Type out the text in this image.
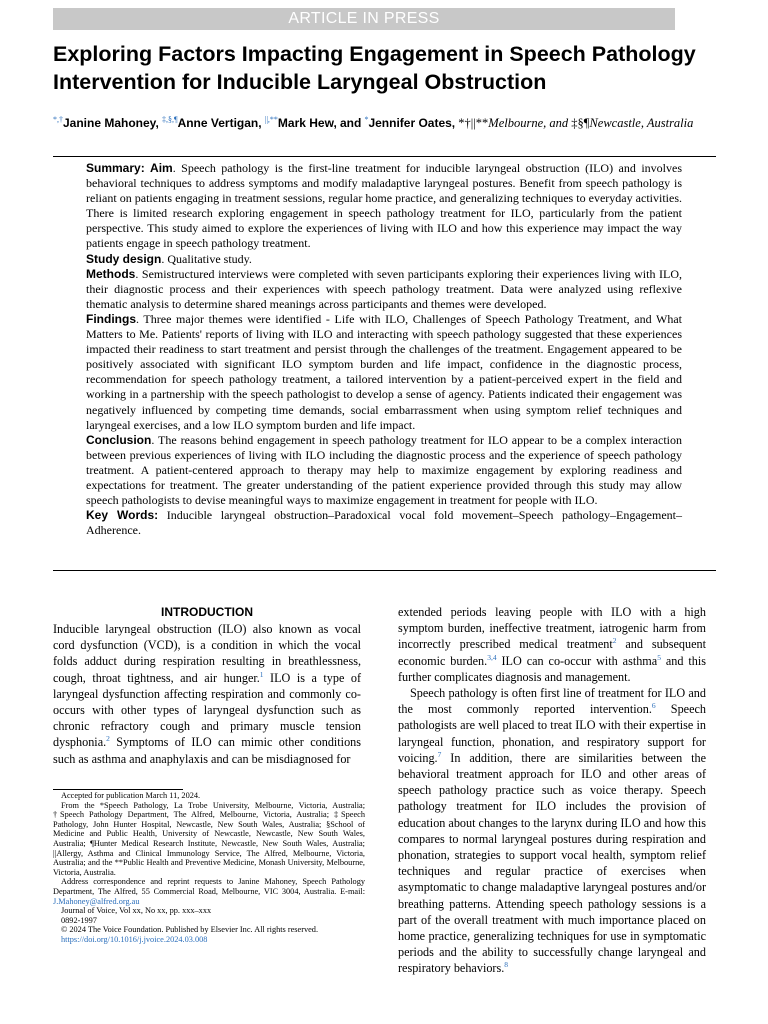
ARTICLE IN PRESS
Exploring Factors Impacting Engagement in Speech Pathology Intervention for Inducible Laryngeal Obstruction
*,†Janine Mahoney, ‡,§,¶Anne Vertigan, ||,**Mark Hew, and *Jennifer Oates, *†||**Melbourne, and ‡§¶Newcastle, Australia

Summary: Aim. Speech pathology is the first-line treatment for inducible laryngeal obstruction (ILO) and involves behavioral techniques to address symptoms and modify maladaptive laryngeal postures. Benefit from speech pathology is reliant on patients engaging in treatment sessions, regular home practice, and generalizing techniques to everyday activities. There is limited research exploring engagement in speech pathology treatment for ILO, particularly from the patient perspective. This study aimed to explore the experiences of living with ILO and how this experience may impact the way patients engage in speech pathology treatment.

Study design. Qualitative study.

Methods. Semistructured interviews were completed with seven participants exploring their experiences living with ILO, their diagnostic process and their experiences with speech pathology treatment. Data were analyzed using reflexive thematic analysis to determine shared meanings across participants and themes were developed.

Findings. Three major themes were identified - Life with ILO, Challenges of Speech Pathology Treatment, and What Matters to Me. Patients' reports of living with ILO and interacting with speech pathology suggested that these experiences impacted their readiness to start treatment and persist through the challenges of the treatment. Engagement appeared to be positively associated with significant ILO symptom burden and life impact, confidence in the diagnostic process, recommendation for speech pathology treatment, a tailored intervention by a patient-perceived expert in the field and working in a partnership with the speech pathologist to develop a sense of agency. Patients indicated their engagement was negatively influenced by competing time demands, social embarrassment when using symptom relief techniques and laryngeal exercises, and a low ILO symptom burden and life impact.

Conclusion. The reasons behind engagement in speech pathology treatment for ILO appear to be a complex interaction between previous experiences of living with ILO including the diagnostic process and the experience of speech pathology treatment. A patient-centered approach to therapy may help to maximize engagement by exploring readiness and expectations for treatment. The greater understanding of the patient experience provided through this study may allow speech pathologists to devise meaningful ways to maximize engagement in treatment for people with ILO.

Key Words: Inducible laryngeal obstruction–Paradoxical vocal fold movement–Speech pathology–Engagement–Adherence.

INTRODUCTION

Inducible laryngeal obstruction (ILO) also known as vocal cord dysfunction (VCD), is a condition in which the vocal folds adduct during respiration resulting in breathlessness, cough, throat tightness, and air hunger.$^1$ ILO is a type of laryngeal dysfunction affecting respiration and commonly co-occurs with other types of laryngeal dysfunction such as chronic refractory cough and primary muscle tension dysphonia.$^2$ Symptoms of ILO can mimic other conditions such as asthma and anaphylaxis and can be misdiagnosed for

Accepted for publication March 11, 2024.

From the *Speech Pathology, La Trobe University, Melbourne, Victoria, Australia; †Speech Pathology Department, The Alfred, Melbourne, Victoria, Australia; ‡Speech Pathology, John Hunter Hospital, Newcastle, New South Wales, Australia; §School of Medicine and Public Health, University of Newcastle, Newcastle, New South Wales, Australia; ¶Hunter Medical Research Institute, Newcastle, New South Wales, Australia; ||Allergy, Asthma and Clinical Immunology Service, The Alfred, Melbourne, Victoria, Australia; and the **Public Health and Preventive Medicine, Monash University, Melbourne, Victoria, Australia.

Address correspondence and reprint requests to Janine Mahoney, Speech Pathology Department, The Alfred, 55 Commercial Road, Melbourne, VIC 3004, Australia. E-mail: J.Mahoney@alfred.org.au

Journal of Voice, Vol xx, No xx, pp. xxx–xxx

0892-1997

© 2024 The Voice Foundation. Published by Elsevier Inc. All rights reserved.

https://doi.org/10.1016/j.jvoice.2024.03.008

extended periods leaving people with ILO with a high symptom burden, ineffective treatment, iatrogenic harm from incorrectly prescribed medical treatment$^2$ and subsequent economic burden.$^{3,4}$ ILO can co-occur with asthma$^5$ and this further complicates diagnosis and management.

Speech pathology is often first line of treatment for ILO and the most commonly reported intervention.$^6$ Speech pathologists are well placed to treat ILO with their expertise in laryngeal function, phonation, and respiratory support for voicing.$^7$ In addition, there are similarities between the behavioral treatment approach for ILO and other areas of speech pathology practice such as voice therapy. Speech pathology treatment for ILO includes the provision of education about changes to the larynx during ILO and how this compares to normal laryngeal postures during respiration and phonation, strategies to support vocal health, symptom relief techniques and regular practice of exercises when asymptomatic to change maladaptive laryngeal postures and/or breathing patterns. Attending speech pathology sessions is a part of the overall treatment with much importance placed on home practice, generalizing techniques for use in symptomatic periods and the ability to successfully change laryngeal and respiratory behaviors.$^8$
